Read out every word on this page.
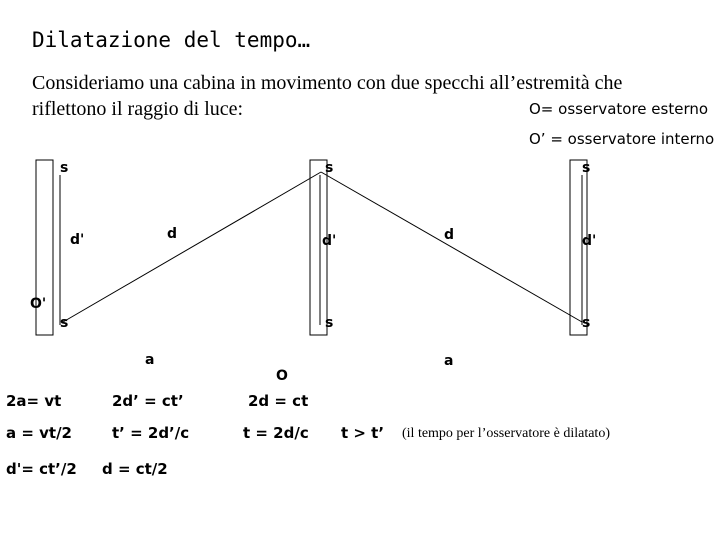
Dilatazione del tempo…
Consideriamo una cabina in movimento con due specchi all’estremità che
riflettono il raggio di luce:	O= osservatore esterno
O’ = osservatore interno
s	s	s
s	s	s
d'	d'	d'
d	d
O'
O
a	a
2a= vt	2d’ = ct’	2d = ct
a = vt/2	t’ = 2d’/c	t = 2d/c t > t’ (il tempo per l’osservatore è dilatato)
d'= ct’/2 d = ct/2
